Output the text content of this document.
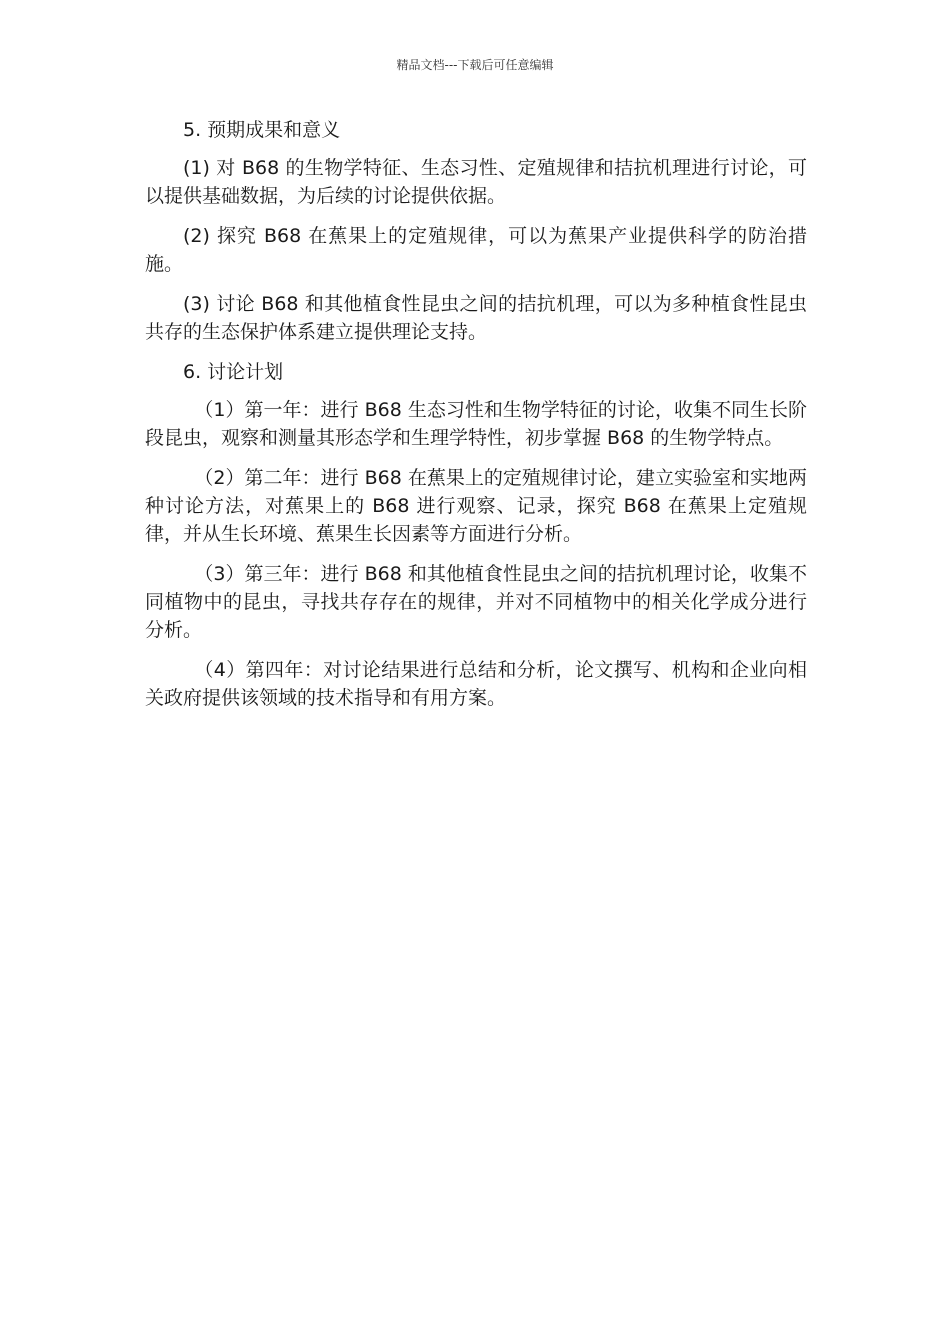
精品文档---下载后可任意编辑

5. 预期成果和意义

(1) 对 B68 的生物学特征、生态习性、定殖规律和拮抗机理进行讨论，可以提供基础数据，为后续的讨论提供依据。

(2) 探究 B68 在蕉果上的定殖规律，可以为蕉果产业提供科学的防治措施。

(3) 讨论 B68 和其他植食性昆虫之间的拮抗机理，可以为多种植食性昆虫共存的生态保护体系建立提供理论支持。

6. 讨论计划

（1）第一年：进行 B68 生态习性和生物学特征的讨论，收集不同生长阶段昆虫，观察和测量其形态学和生理学特性，初步掌握 B68 的生物学特点。

（2）第二年：进行 B68 在蕉果上的定殖规律讨论，建立实验室和实地两种讨论方法，对蕉果上的 B68 进行观察、记录，探究 B68 在蕉果上定殖规律，并从生长环境、蕉果生长因素等方面进行分析。

（3）第三年：进行 B68 和其他植食性昆虫之间的拮抗机理讨论，收集不同植物中的昆虫，寻找共存存在的规律，并对不同植物中的相关化学成分进行分析。

（4）第四年：对讨论结果进行总结和分析，论文撰写、机构和企业向相关政府提供该领域的技术指导和有用方案。
